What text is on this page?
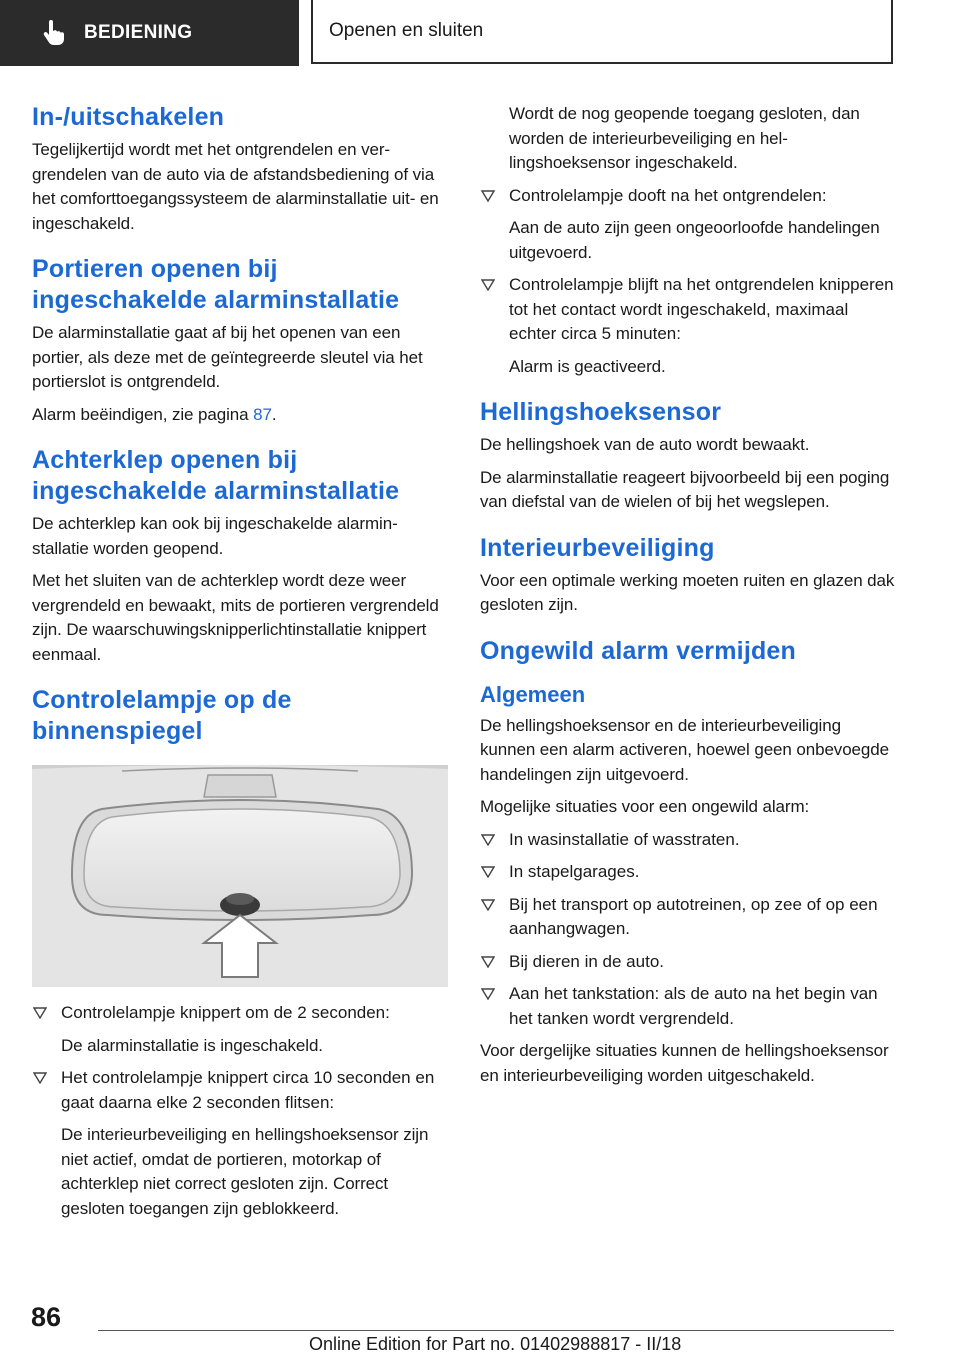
BEDIENING	Openen en sluiten
In-/uitschakelen

Tegelijkertijd wordt met het ontgrendelen en vergrendelen van de auto via de afstandsbediening of via het comforttoegangssysteem de alarminstallatie uit- en ingeschakeld.

Portieren openen bij ingeschakelde alarminstallatie

De alarminstallatie gaat af bij het openen van een portier, als deze met de geïntegreerde sleutel via het portierslot is ontgrendeld.

Alarm beëindigen, zie pagina 87.

Achterklep openen bij ingeschakelde alarminstallatie

De achterklep kan ook bij ingeschakelde alarminstallatie worden geopend.

Met het sluiten van de achterklep wordt deze weer vergrendeld en bewaakt, mits de portieren vergrendeld zijn. De waarschuwingsknipperlichtinstallatie knippert eenmaal.

Controlelampje op de binnenspiegel
Controlelampje knippert om de 2 seconden:

De alarminstallatie is ingeschakeld.

Het controlelampje knippert circa 10 seconden en gaat daarna elke 2 seconden flitsen:

De interieurbeveiliging en hellingshoeksensor zijn niet actief, omdat de portieren, motorkap of achterklep niet correct gesloten zijn. Correct gesloten toegangen zijn geblokkeerd.

Wordt de nog geopende toegang gesloten, dan worden de interieurbeveiliging en hellingshoeksensor ingeschakeld.

Controlelampje dooft na het ontgrendelen:

Aan de auto zijn geen ongeoorloofde handelingen uitgevoerd.

Controlelampje blijft na het ontgrendelen knipperen tot het contact wordt ingeschakeld, maximaal echter circa 5 minuten:

Alarm is geactiveerd.

Hellingshoeksensor

De hellingshoek van de auto wordt bewaakt.

De alarminstallatie reageert bijvoorbeeld bij een poging van diefstal van de wielen of bij het wegslepen.

Interieurbeveiliging

Voor een optimale werking moeten ruiten en glazen dak gesloten zijn.

Ongewild alarm vermijden
Algemeen

De hellingshoeksensor en de interieurbeveiliging kunnen een alarm activeren, hoewel geen onbevoegde handelingen zijn uitgevoerd.

Mogelijke situaties voor een ongewild alarm:

In wasinstallatie of wasstraten.
In stapelgarages.
Bij het transport op autotreinen, op zee of op een aanhangwagen.
Bij dieren in de auto.
Aan het tankstation: als de auto na het begin van het tanken wordt vergrendeld.

Voor dergelijke situaties kunnen de hellingshoeksensor en interieurbeveiliging worden uitgeschakeld.

86
Online Edition for Part no. 01402988817 - II/18
